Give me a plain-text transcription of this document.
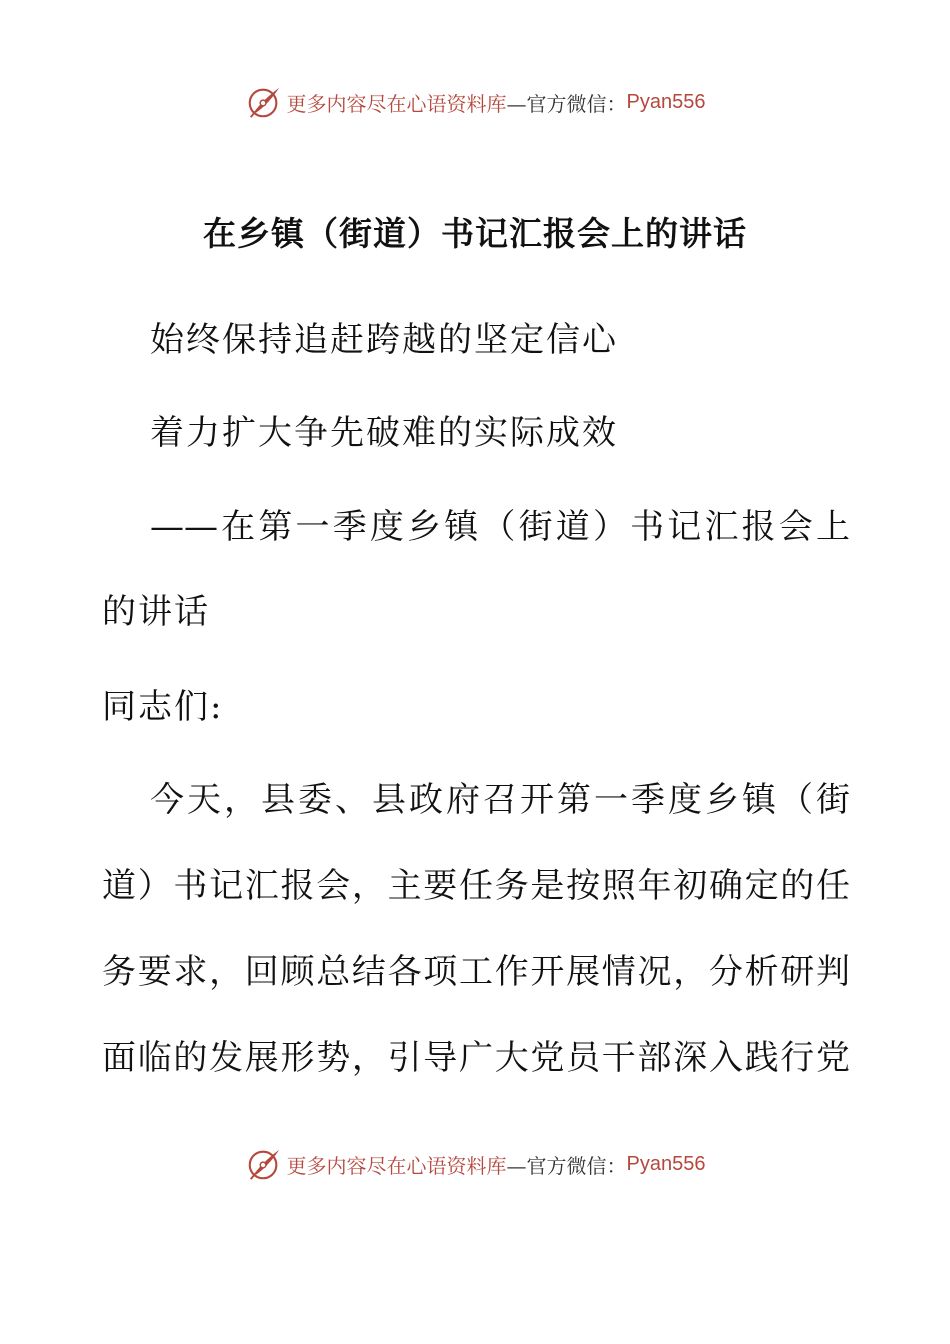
更多内容尽在心语资料库 —官方微信： Pyan556
在乡镇（街道）书记汇报会上的讲话
始终保持追赶跨越的坚定信心
着力扩大争先破难的实际成效
——在第一季度乡镇（街道）书记汇报会上
的讲话
同志们:
今天，县委、县政府召开第一季度乡镇（街
道）书记汇报会，主要任务是按照年初确定的任
务要求，回顾总结各项工作开展情况，分析研判
面临的发展形势，引导广大党员干部深入践行党
更多内容尽在心语资料库 —官方微信： Pyan556
